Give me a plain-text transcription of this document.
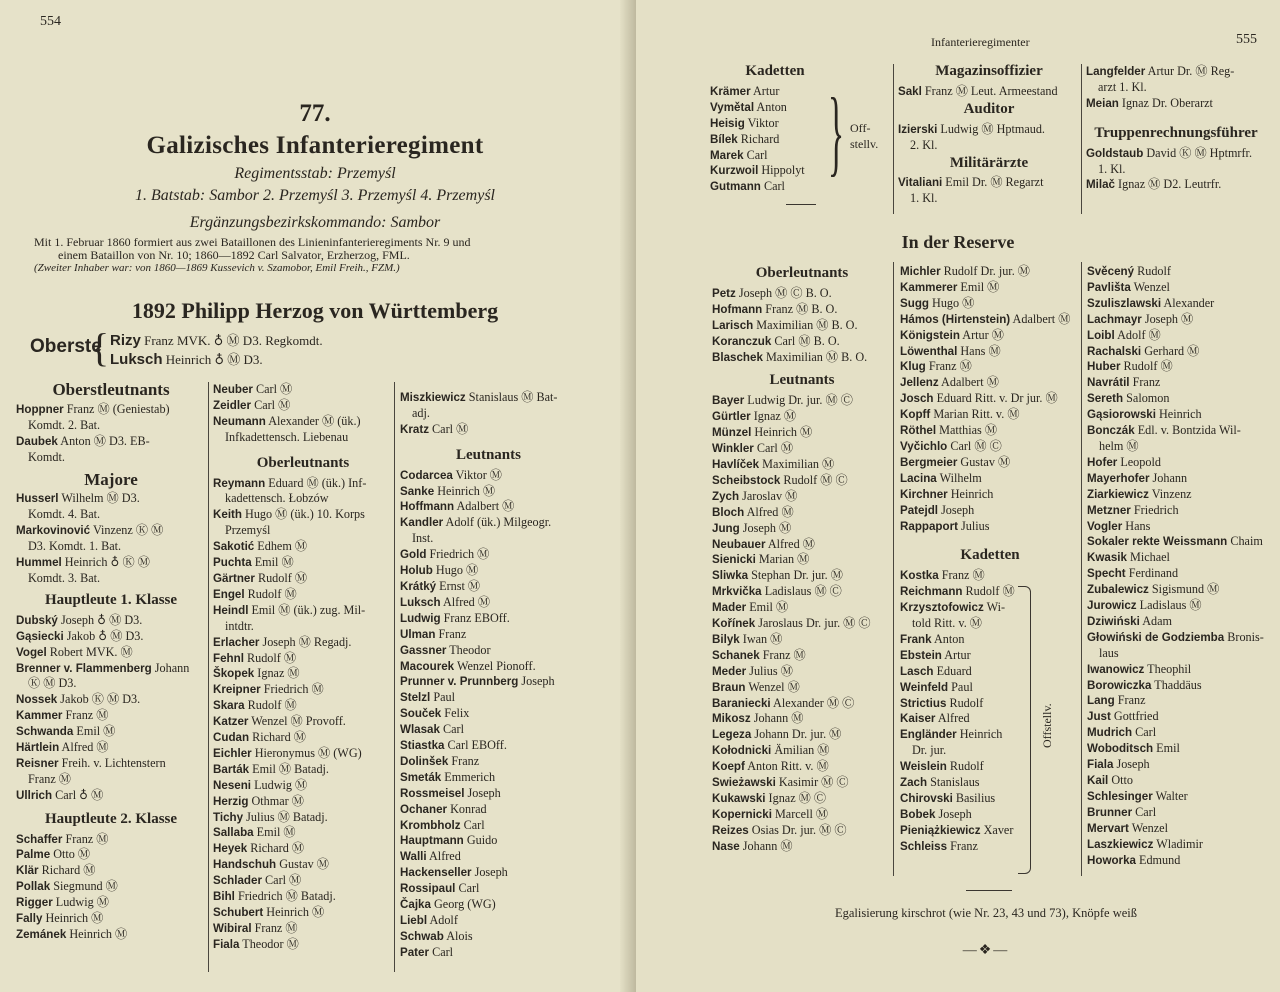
554
77.
Galizisches Infanterieregiment
Regimentsstab: Przemyśl
1. Batstab: Sambor 2. Przemyśl 3. Przemyśl 4. Przemyśl
Ergänzungsbezirkskommando: Sambor
Mit 1. Februar 1860 formiert aus zwei Bataillonen des Linieninfanterieregiments Nr. 9 und
einem Bataillon von Nr. 10; 1860—1892 Carl Salvator, Erzherzog, FML.
(Zweiter Inhaber war: von 1860—1869 Kussevich v. Szamobor, Emil Freih., FZM.)
1892 Philipp Herzog von Württemberg
Oberste
{ Rizy Franz MVK. ♁ Ⓜ D3. Regkomdt.
Luksch Heinrich ♁ Ⓜ D3.
Oberstleutnants
Hoppner Franz Ⓜ (Geniestab)
Komdt. 2. Bat.
Daubek Anton Ⓜ D3. EB-
Komdt.
Majore
Husserl Wilhelm Ⓜ D3.
Komdt. 4. Bat.
Markovinović Vinzenz Ⓚ Ⓜ
D3. Komdt. 1. Bat.
Hummel Heinrich ♁ Ⓚ Ⓜ
Komdt. 3. Bat.
Hauptleute 1. Klasse
Dubský Joseph ♁ Ⓜ D3.
Gąsiecki Jakob ♁ Ⓜ D3.
Vogel Robert MVK. Ⓜ
Brenner v. Flammenberg Johann
Ⓚ Ⓜ D3.
Nossek Jakob Ⓚ Ⓜ D3.
Kammer Franz Ⓜ
Schwanda Emil Ⓜ
Härtlein Alfred Ⓜ
Reisner Freih. v. Lichtenstern
Franz Ⓜ
Ullrich Carl ♁ Ⓜ
Hauptleute 2. Klasse
Schaffer Franz Ⓜ
Palme Otto Ⓜ
Klär Richard Ⓜ
Pollak Siegmund Ⓜ
Rigger Ludwig Ⓜ
Fally Heinrich Ⓜ
Zemánek Heinrich Ⓜ
Neuber Carl Ⓜ
Zeidler Carl Ⓜ
Neumann Alexander Ⓜ (ük.)
Infkadettensch. Liebenau
Oberleutnants
Reymann Eduard Ⓜ (ük.) Inf-
kadettensch. Łobzów
Keith Hugo Ⓜ (ük.) 10. Korps
Przemyśl
Sakotić Edhem Ⓜ
Puchta Emil Ⓜ
Gärtner Rudolf Ⓜ
Engel Rudolf Ⓜ
Heindl Emil Ⓜ (ük.) zug. Mil-
intdtr.
Erlacher Joseph Ⓜ Regadj.
Fehnl Rudolf Ⓜ
Škopek Ignaz Ⓜ
Kreipner Friedrich Ⓜ
Skara Rudolf Ⓜ
Katzer Wenzel Ⓜ Provoff.
Cudan Richard Ⓜ
Eichler Hieronymus Ⓜ (WG)
Barták Emil Ⓜ Batadj.
Neseni Ludwig Ⓜ
Herzig Othmar Ⓜ
Tichy Julius Ⓜ Batadj.
Sallaba Emil Ⓜ
Heyek Richard Ⓜ
Handschuh Gustav Ⓜ
Schlader Carl Ⓜ
Bihl Friedrich Ⓜ Batadj.
Schubert Heinrich Ⓜ
Wibiral Franz Ⓜ
Fiala Theodor Ⓜ
Miszkiewicz Stanislaus Ⓜ Bat-
adj.
Kratz Carl Ⓜ
Leutnants
Codarcea Viktor Ⓜ
Sanke Heinrich Ⓜ
Hoffmann Adalbert Ⓜ
Kandler Adolf (ük.) Milgeogr.
Inst.
Gold Friedrich Ⓜ
Holub Hugo Ⓜ
Krátký Ernst Ⓜ
Luksch Alfred Ⓜ
Ludwig Franz EBOff.
Ulman Franz
Gassner Theodor
Macourek Wenzel Pionoff.
Prunner v. Prunnberg Joseph
Stelzl Paul
Souček Felix
Wlasak Carl
Stiastka Carl EBOff.
Dolinšek Franz
Smeták Emmerich
Rossmeisel Joseph
Ochaner Konrad
Krombholz Carl
Hauptmann Guido
Walli Alfred
Hackenseller Joseph
Rossipaul Carl
Čajka Georg (WG)
Liebl Adolf
Schwab Alois
Pater Carl
Infanterieregimenter	555
Kadetten
Krämer Artur
Vymětal Anton
Heisig Viktor
Bílek Richard
Marek Carl
Kurzwoil Hippolyt
Gutmann Carl
} Off-
stellv.
Magazinsoffizier
Sakl Franz Ⓜ Leut. Armeestand
Auditor
Izierski Ludwig Ⓜ Hptmaud.
2. Kl.
Militärärzte
Vitaliani Emil Dr. Ⓜ Regarzt
1. Kl.
Langfelder Artur Dr. Ⓜ Reg-
arzt 1. Kl.
Meian Ignaz Dr. Oberarzt
Truppenrechnungsführer
Goldstaub David Ⓚ Ⓜ Hptmrfr.
1. Kl.
Milač Ignaz Ⓜ D2. Leutrfr.
In der Reserve
Oberleutnants
Petz Joseph Ⓜ Ⓒ B. O.
Hofmann Franz Ⓜ B. O.
Larisch Maximilian Ⓜ B. O.
Koranczuk Carl Ⓜ B. O.
Blaschek Maximilian Ⓜ B. O.
Leutnants
Bayer Ludwig Dr. jur. Ⓜ Ⓒ
Gürtler Ignaz Ⓜ
Münzel Heinrich Ⓜ
Winkler Carl Ⓜ
Havlíček Maximilian Ⓜ
Scheibstock Rudolf Ⓜ Ⓒ
Zych Jaroslav Ⓜ
Bloch Alfred Ⓜ
Jung Joseph Ⓜ
Neubauer Alfred Ⓜ
Sienicki Marian Ⓜ
Sliwka Stephan Dr. jur. Ⓜ
Mrkvička Ladislaus Ⓜ Ⓒ
Mader Emil Ⓜ
Kořínek Jaroslaus Dr. jur. Ⓜ Ⓒ
Bilyk Iwan Ⓜ
Schanek Franz Ⓜ
Meder Julius Ⓜ
Braun Wenzel Ⓜ
Baraniecki Alexander Ⓜ Ⓒ
Mikosz Johann Ⓜ
Legeza Johann Dr. jur. Ⓜ
Kołodnicki Ämilian Ⓜ
Koepf Anton Ritt. v. Ⓜ
Swieżawski Kasimir Ⓜ Ⓒ
Kukawski Ignaz Ⓜ Ⓒ
Kopernicki Marcell Ⓜ
Reizes Osias Dr. jur. Ⓜ Ⓒ
Nase Johann Ⓜ
Michler Rudolf Dr. jur. Ⓜ
Kammerer Emil Ⓜ
Sugg Hugo Ⓜ
Hámos (Hirtenstein) Adalbert Ⓜ
Königstein Artur Ⓜ
Löwenthal Hans Ⓜ
Klug Franz Ⓜ
Jellenz Adalbert Ⓜ
Josch Eduard Ritt. v. Dr jur. Ⓜ
Kopff Marian Ritt. v. Ⓜ
Röthel Matthias Ⓜ
Vyčichlo Carl Ⓜ Ⓒ
Bergmeier Gustav Ⓜ
Lacina Wilhelm
Kirchner Heinrich
Patejdl Joseph
Rappaport Julius
Kadetten
Kostka Franz Ⓜ
Reichmann Rudolf Ⓜ
Krzysztofowicz Wi-
told Ritt. v. Ⓜ
Frank Anton
Ebstein Artur
Lasch Eduard
Weinfeld Paul
Strictius Rudolf
Kaiser Alfred
Engländer Heinrich
Dr. jur.
Weislein Rudolf
Zach Stanislaus
Chirovski Basilius
Bobek Joseph
Pieniążkiewicz Xaver
Schleiss Franz
Offstellv.
Svěcený Rudolf
Pavlišta Wenzel
Szuliszlawski Alexander
Lachmayr Joseph Ⓜ
Loibl Adolf Ⓜ
Rachalski Gerhard Ⓜ
Huber Rudolf Ⓜ
Navrátil Franz
Sereth Salomon
Gąsiorowski Heinrich
Bonczák Edl. v. Bontzida Wil-
helm Ⓜ
Hofer Leopold
Mayerhofer Johann
Ziarkiewicz Vinzenz
Metzner Friedrich
Vogler Hans
Sokaler rekte Weissmann Chaim
Kwasik Michael
Specht Ferdinand
Zubalewicz Sigismund Ⓜ
Jurowicz Ladislaus Ⓜ
Dziwiński Adam
Głowiński de Godziemba Bronis-
laus
Iwanowicz Theophil
Borowiczka Thaddäus
Lang Franz
Just Gottfried
Mudrich Carl
Woboditsch Emil
Fiala Joseph
Kail Otto
Schlesinger Walter
Brunner Carl
Mervart Wenzel
Laszkiewicz Wladimir
Howorka Edmund
Egalisierung kirschrot (wie Nr. 23, 43 und 73), Knöpfe weiß
—❖—
